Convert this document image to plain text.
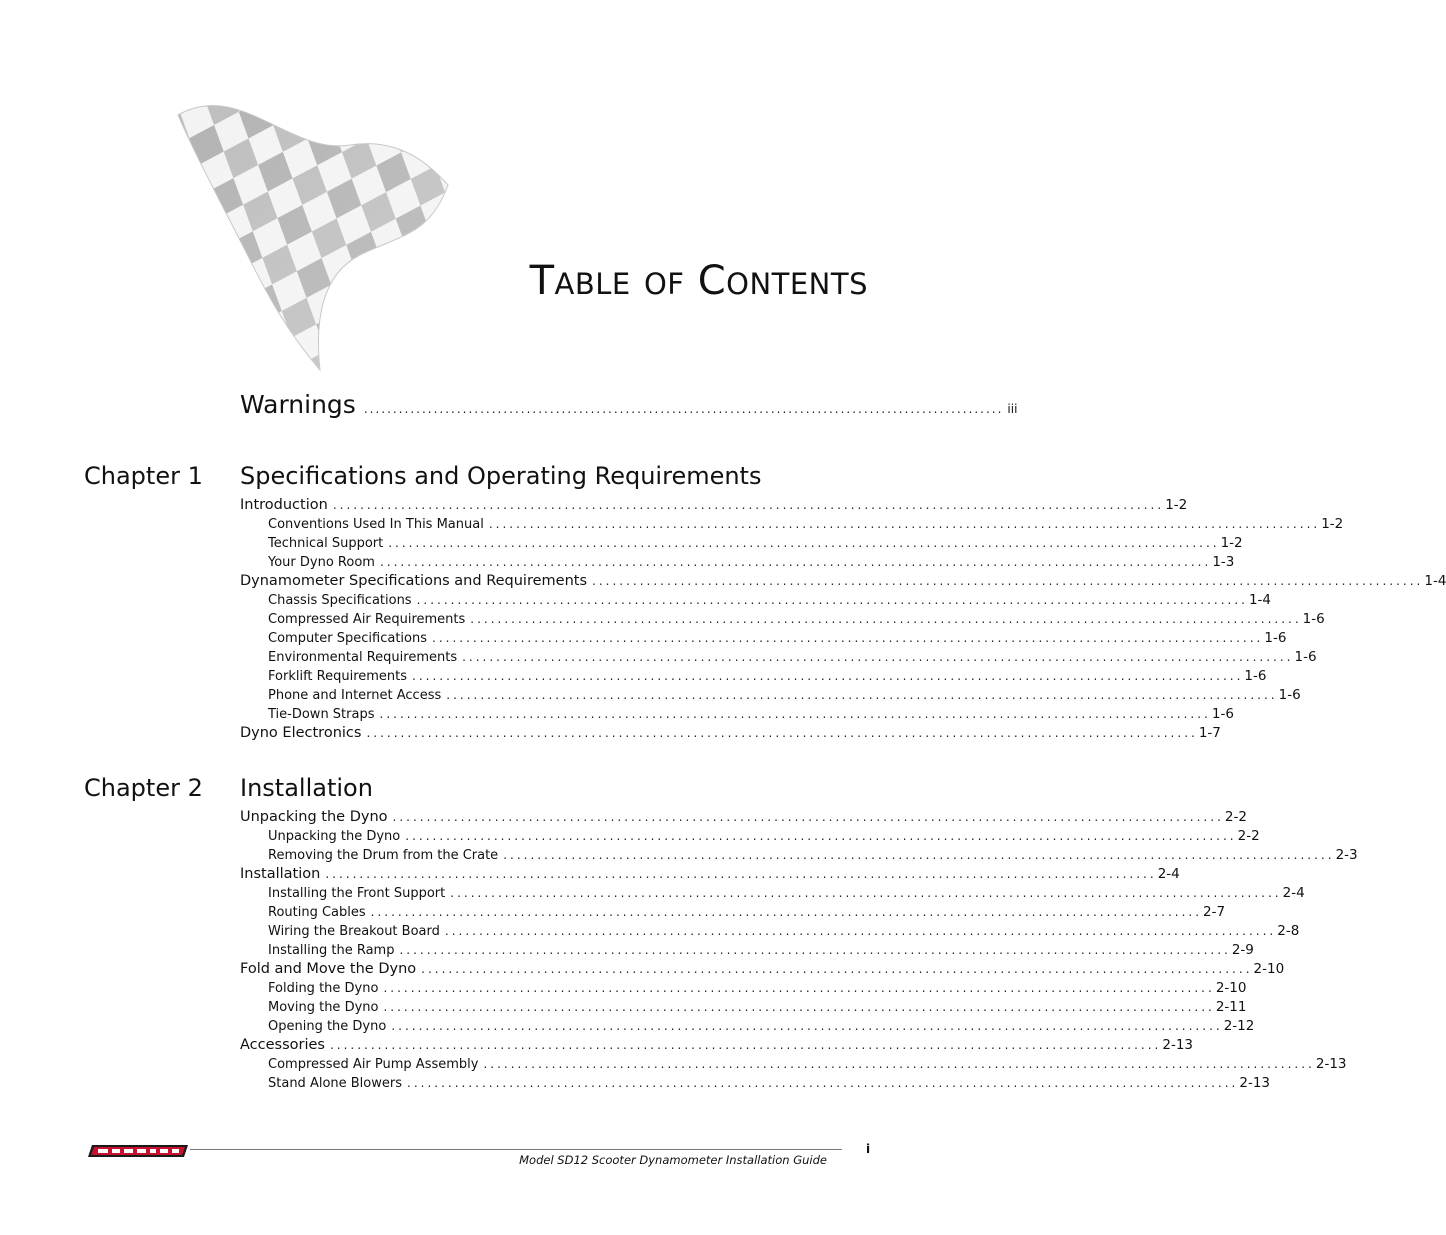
TABLE OF CONTENTS
Warnings .............................................................................................................. iii
Chapter 1	Specifications and Operating Requirements
Introduction .......................................................................................................................... 1-2
Conventions Used In This Manual .......................................................................................................................... 1-2
Technical Support .......................................................................................................................... 1-2
Your Dyno Room .......................................................................................................................... 1-3
Dynamometer Specifications and Requirements .......................................................................................................................... 1-4
Chassis Specifications .......................................................................................................................... 1-4
Compressed Air Requirements .......................................................................................................................... 1-6
Computer Specifications .......................................................................................................................... 1-6
Environmental Requirements .......................................................................................................................... 1-6
Forklift Requirements .......................................................................................................................... 1-6
Phone and Internet Access .......................................................................................................................... 1-6
Tie-Down Straps .......................................................................................................................... 1-6
Dyno Electronics .......................................................................................................................... 1-7
Chapter 2	Installation
Unpacking the Dyno .......................................................................................................................... 2-2
Unpacking the Dyno .......................................................................................................................... 2-2
Removing the Drum from the Crate .......................................................................................................................... 2-3
Installation .......................................................................................................................... 2-4
Installing the Front Support .......................................................................................................................... 2-4
Routing Cables .......................................................................................................................... 2-7
Wiring the Breakout Board .......................................................................................................................... 2-8
Installing the Ramp .......................................................................................................................... 2-9
Fold and Move the Dyno .......................................................................................................................... 2-10
Folding the Dyno .......................................................................................................................... 2-10
Moving the Dyno .......................................................................................................................... 2-11
Opening the Dyno .......................................................................................................................... 2-12
Accessories .......................................................................................................................... 2-13
Compressed Air Pump Assembly .......................................................................................................................... 2-13
Stand Alone Blowers .......................................................................................................................... 2-13
Model SD12 Scooter Dynamometer Installation Guide
i
